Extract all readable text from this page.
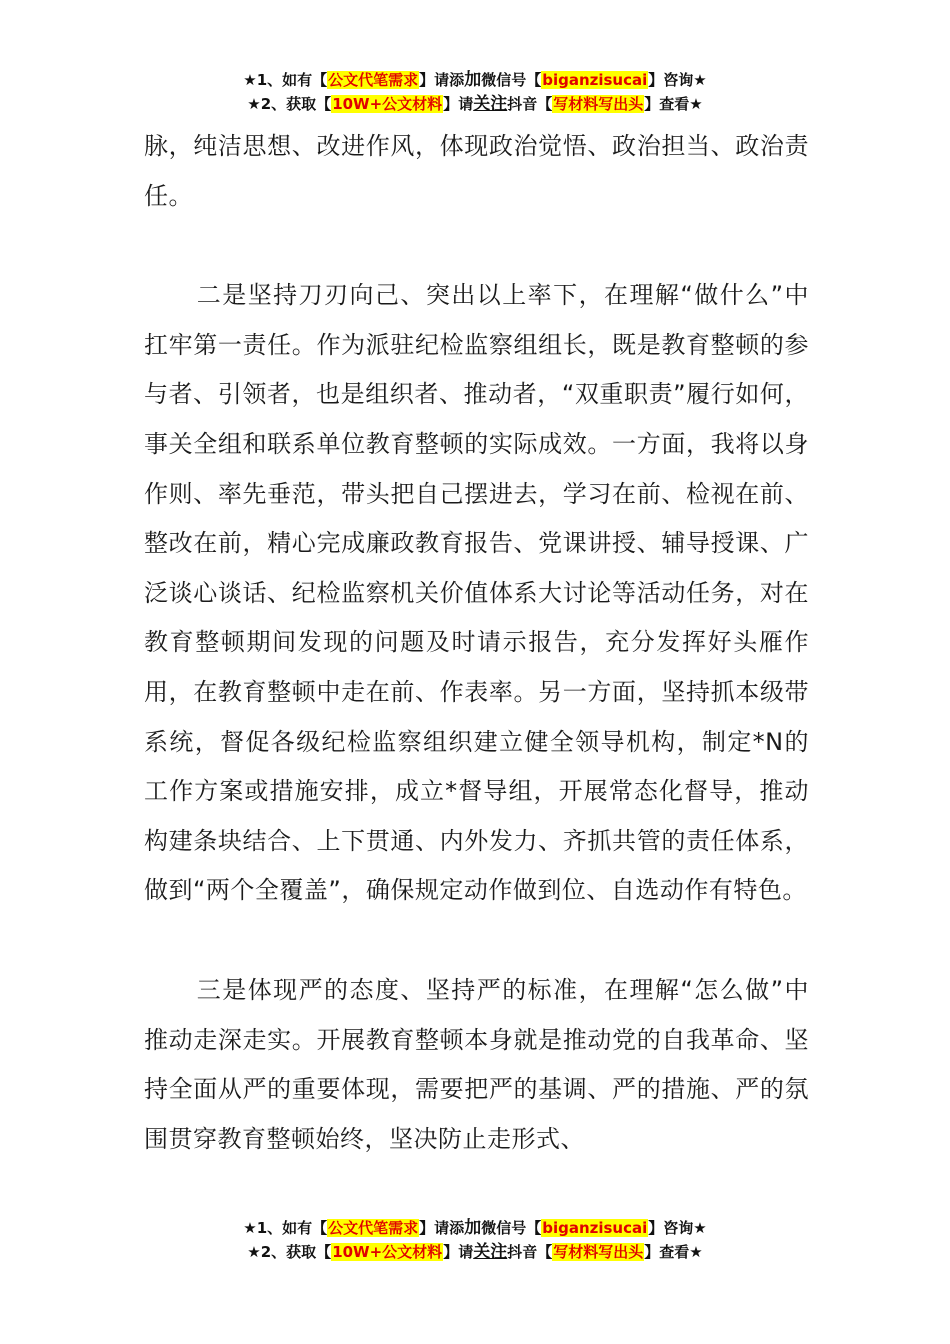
★1、如有【公文代笔需求】请添加微信号【biganzisucai】咨询★
★2、获取【10W+公文材料】请关注抖音【写材料写出头】查看★

脉，纯洁思想、改进作风，体现政治觉悟、政治担当、政治责任。

二是坚持刀刃向己、突出以上率下，在理解“做什么”中扛牢第一责任。作为派驻纪检监察组组长，既是教育整顿的参与者、引领者，也是组织者、推动者，“双重职责”履行如何，事关全组和联系单位教育整顿的实际成效。一方面，我将以身作则、率先垂范，带头把自己摆进去，学习在前、检视在前、整改在前，精心完成廉政教育报告、党课讲授、辅导授课、广泛谈心谈话、纪检监察机关价值体系大讨论等活动任务，对在教育整顿期间发现的问题及时请示报告，充分发挥好头雁作用，在教育整顿中走在前、作表率。另一方面，坚持抓本级带系统，督促各级纪检监察组织建立健全领导机构，制定*N的工作方案或措施安排，成立*督导组，开展常态化督导，推动构建条块结合、上下贯通、内外发力、齐抓共管的责任体系，做到“两个全覆盖”，确保规定动作做到位、自选动作有特色。

三是体现严的态度、坚持严的标准，在理解“怎么做”中推动走深走实。开展教育整顿本身就是推动党的自我革命、坚持全面从严的重要体现，需要把严的基调、严的措施、严的氛围贯穿教育整顿始终，坚决防止走形式、

★1、如有【公文代笔需求】请添加微信号【biganzisucai】咨询★
★2、获取【10W+公文材料】请关注抖音【写材料写出头】查看★
